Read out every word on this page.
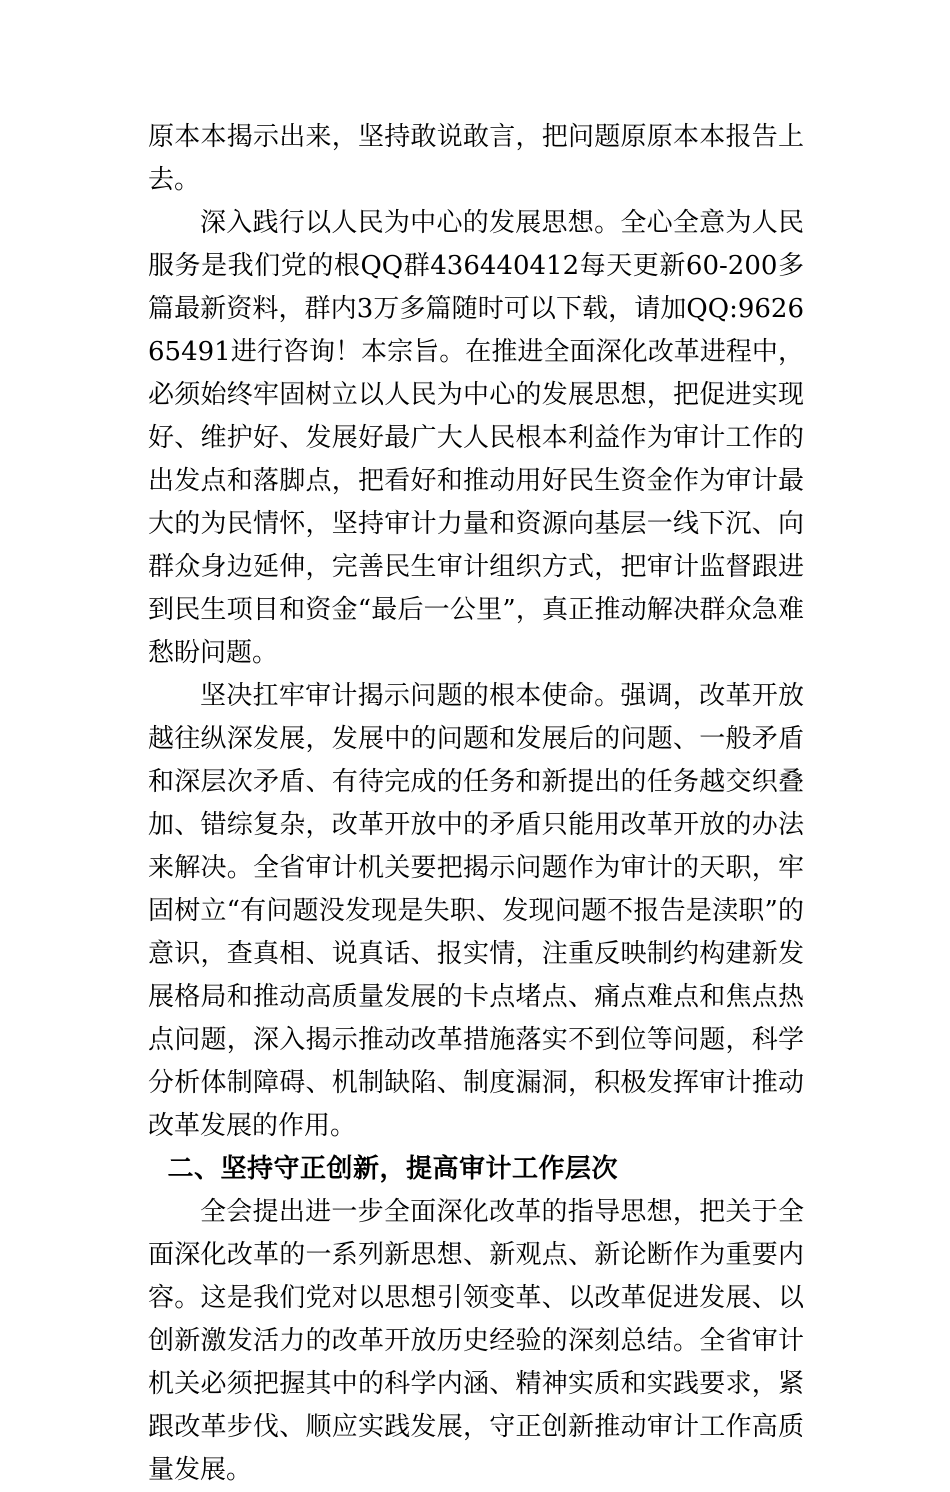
原本本揭示出来，坚持敢说敢言，把问题原原本本报告上去。

深入践行以人民为中心的发展思想。全心全意为人民服务是我们党的根QQ群436440412每天更新60-200多篇最新资料，群内3万多篇随时可以下载，请加QQ:962665491进行咨询！本宗旨。在推进全面深化改革进程中，必须始终牢固树立以人民为中心的发展思想，把促进实现好、维护好、发展好最广大人民根本利益作为审计工作的出发点和落脚点，把看好和推动用好民生资金作为审计最大的为民情怀，坚持审计力量和资源向基层一线下沉、向群众身边延伸，完善民生审计组织方式，把审计监督跟进到民生项目和资金“最后一公里”，真正推动解决群众急难愁盼问题。

坚决扛牢审计揭示问题的根本使命。强调，改革开放越往纵深发展，发展中的问题和发展后的问题、一般矛盾和深层次矛盾、有待完成的任务和新提出的任务越交织叠加、错综复杂，改革开放中的矛盾只能用改革开放的办法来解决。全省审计机关要把揭示问题作为审计的天职，牢固树立“有问题没发现是失职、发现问题不报告是渎职”的意识，查真相、说真话、报实情，注重反映制约构建新发展格局和推动高质量发展的卡点堵点、痛点难点和焦点热点问题，深入揭示推动改革措施落实不到位等问题，科学分析体制障碍、机制缺陷、制度漏洞，积极发挥审计推动改革发展的作用。

二、坚持守正创新，提高审计工作层次

全会提出进一步全面深化改革的指导思想，把关于全面深化改革的一系列新思想、新观点、新论断作为重要内容。这是我们党对以思想引领变革、以改革促进发展、以创新激发活力的改革开放历史经验的深刻总结。全省审计机关必须把握其中的科学内涵、精神实质和实践要求，紧跟改革步伐、顺应实践发展，守正创新推动审计工作高质量发展。
